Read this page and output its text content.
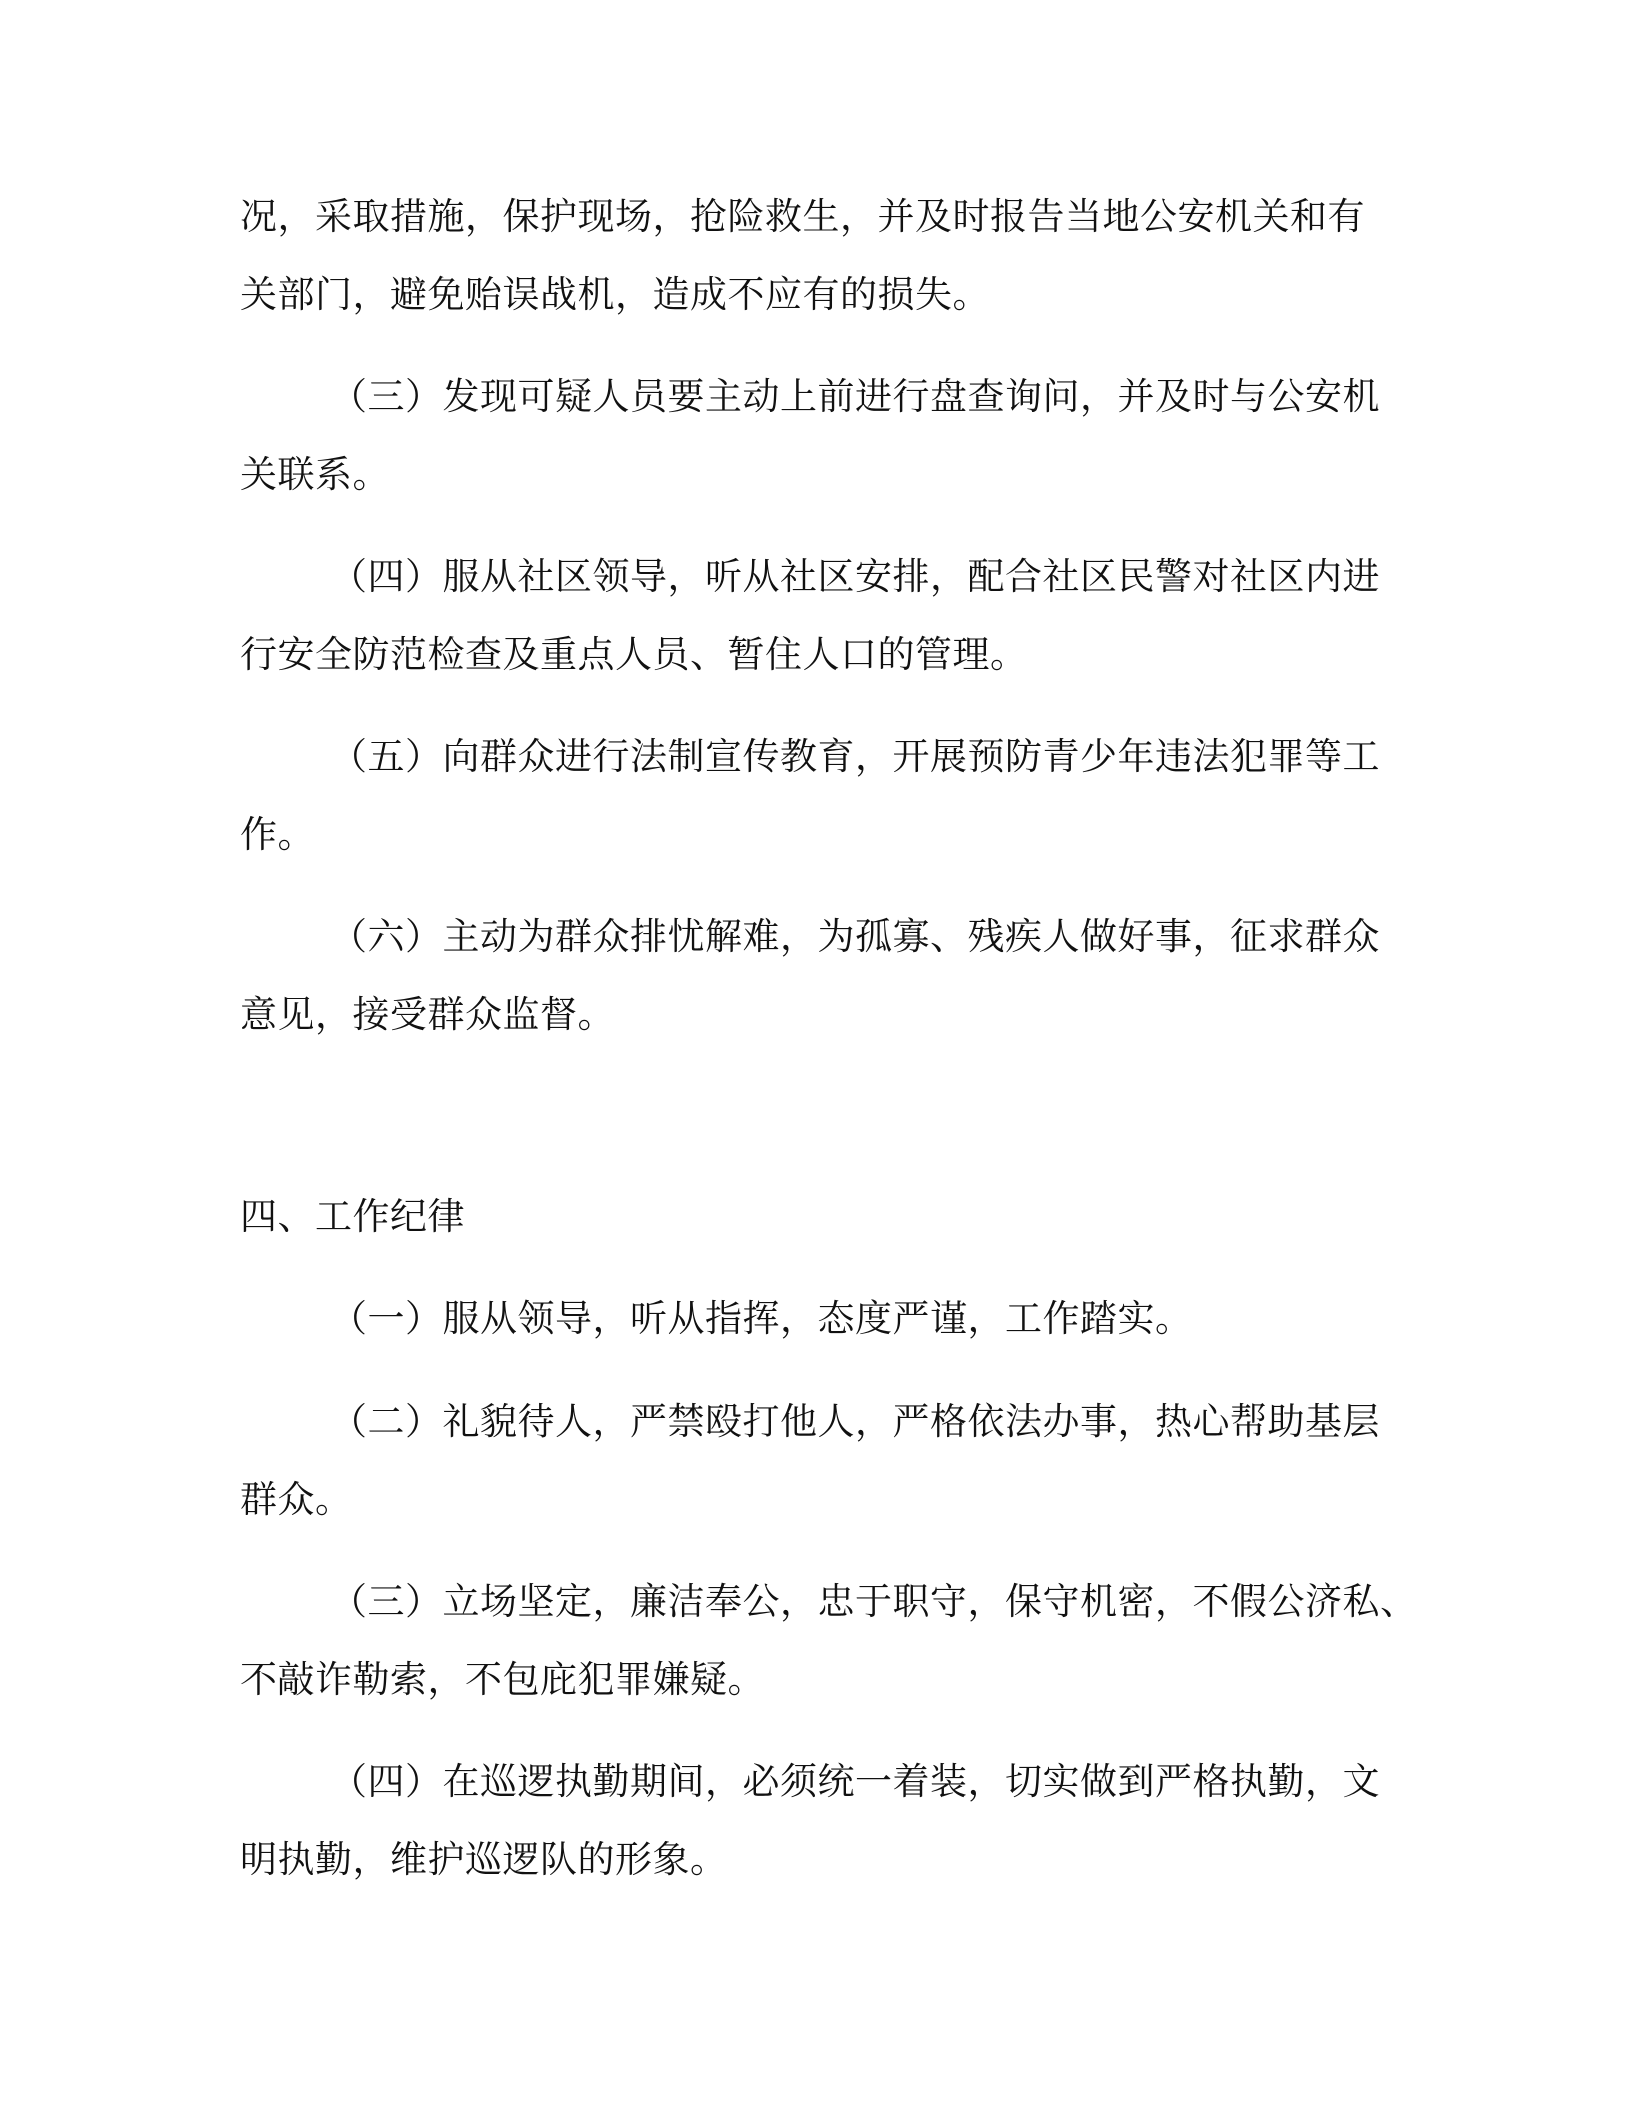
况，采取措施，保护现场，抢险救生，并及时报告当地公安机关和有
关部门，避免贻误战机，造成不应有的损失。
（三）发现可疑人员要主动上前进行盘查询问，并及时与公安机
关联系。
（四）服从社区领导，听从社区安排，配合社区民警对社区内进
行安全防范检查及重点人员、暂住人口的管理。
（五）向群众进行法制宣传教育，开展预防青少年违法犯罪等工
作。
（六）主动为群众排忧解难，为孤寡、残疾人做好事，征求群众
意见，接受群众监督。
四、工作纪律
（一）服从领导，听从指挥，态度严谨，工作踏实。
（二）礼貌待人，严禁殴打他人，严格依法办事，热心帮助基层
群众。
（三）立场坚定，廉洁奉公，忠于职守，保守机密，不假公济私、
不敲诈勒索，不包庇犯罪嫌疑。
（四）在巡逻执勤期间，必须统一着装，切实做到严格执勤，文
明执勤，维护巡逻队的形象。
